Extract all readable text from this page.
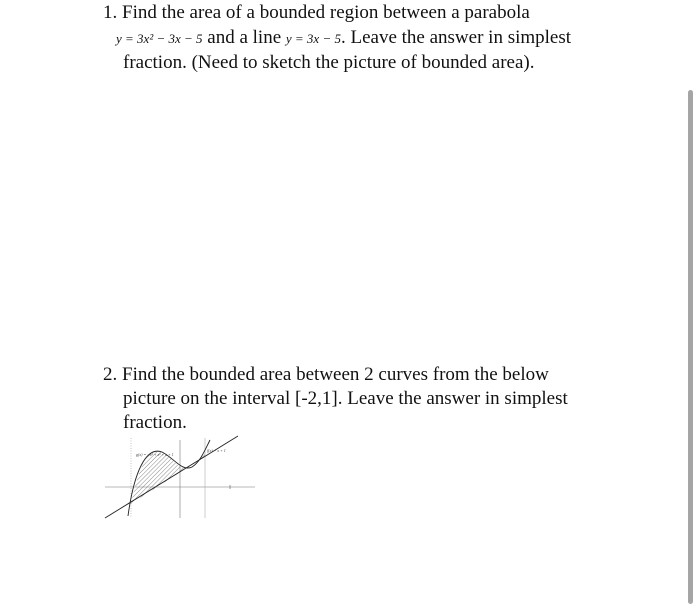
1. Find the area of a bounded region between a parabola
y = 3x² − 3x − 5 and a line y = 3x − 5. Leave the answer in simplest
fraction. (Need to sketch the picture of bounded area).
2. Find the bounded area between 2 curves from the below
picture on the interval [-2,1]. Leave the answer in simplest
fraction.
g(x) = −x³ + x² + x + 1
f(x) = x + 1
